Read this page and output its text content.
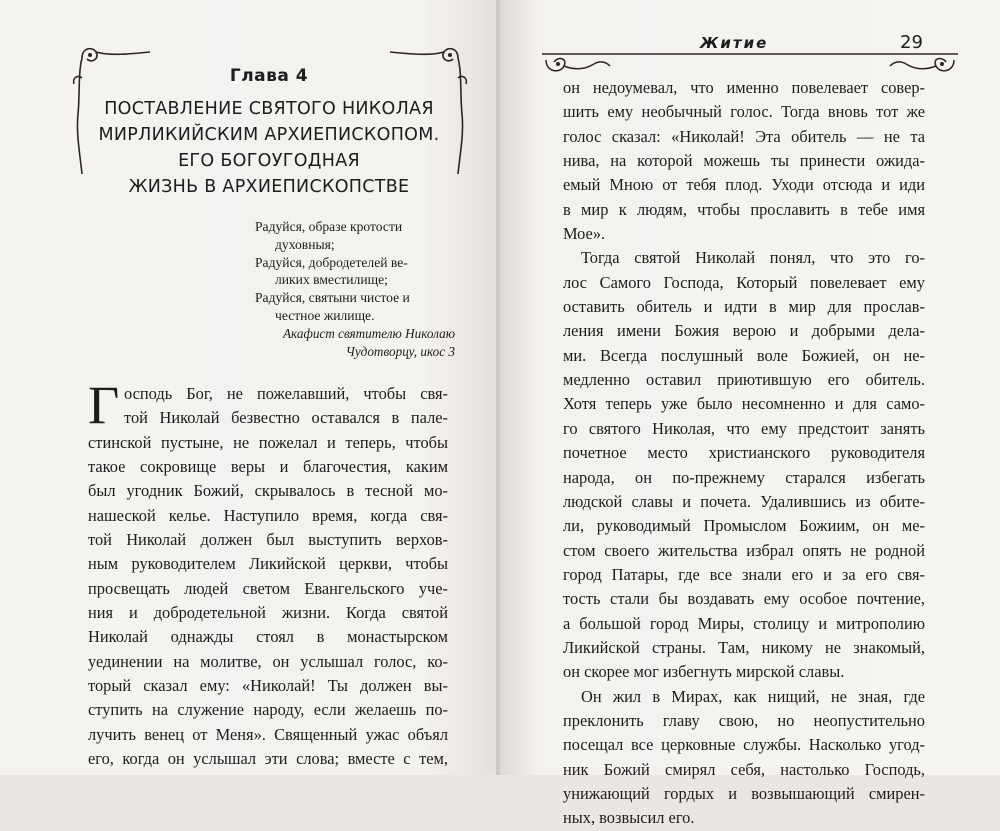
Глава 4
ПОСТАВЛЕНИЕ СВЯТОГО НИКОЛАЯ
МИРЛИКИЙСКИМ АРХИЕПИСКОПОМ.
ЕГО БОГОУГОДНАЯ
ЖИЗНЬ В АРХИЕПИСКОПСТВЕ
Радуйся, образе кротости
духовныя;
Радуйся, добродетелей ве-
ликих вместилище;
Радуйся, святыни чистое и
честное жилище.
Акафист святителю Николаю
Чудотворцу, икос 3
Г осподь Бог, не пожелавший, чтобы свя-
той Николай безвестно оставался в пале-
стинской пустыне, не пожелал и теперь, чтобы
такое сокровище веры и благочестия, каким
был угодник Божий, скрывалось в тесной мо-
нашеской келье. Наступило время, когда свя-
той Николай должен был выступить верхов-
ным руководителем Ликийской церкви, чтобы
просвещать людей светом Евангельского уче-
ния и добродетельной жизни. Когда святой
Николай однажды стоял в монастырском
уединении на молитве, он услышал голос, ко-
торый сказал ему: «Николай! Ты должен вы-
ступить на служение народу, если желаешь по-
лучить венец от Меня». Священный ужас объял
его, когда он услышал эти слова; вместе с тем,
Житие	29
он недоумевал, что именно повелевает совер-
шить ему необычный голос. Тогда вновь тот же
голос сказал: «Николай! Эта обитель — не та
нива, на которой можешь ты принести ожида-
емый Мною от тебя плод. Уходи отсюда и иди
в мир к людям, чтобы прославить в тебе имя
Мое».
Тогда святой Николай понял, что это го-
лос Самого Господа, Который повелевает ему
оставить обитель и идти в мир для прослав-
ления имени Божия верою и добрыми дела-
ми. Всегда послушный воле Божией, он не-
медленно оставил приютившую его обитель.
Хотя теперь уже было несомненно и для само-
го святого Николая, что ему предстоит занять
почетное место христианского руководителя
народа, он по-прежнему старался избегать
людской славы и почета. Удалившись из обите-
ли, руководимый Промыслом Божиим, он ме-
стом своего жительства избрал опять не родной
город Патары, где все знали его и за его свя-
тость стали бы воздавать ему особое почтение,
а большой город Миры, столицу и митрополию
Ликийской страны. Там, никому не знакомый,
он скорее мог избегнуть мирской славы.
Он жил в Мирах, как нищий, не зная, где
преклонить главу свою, но неопустительно
посещал все церковные службы. Насколько угод-
ник Божий смирял себя, настолько Господь,
унижающий гордых и возвышающий смирен-
ных, возвысил его.
